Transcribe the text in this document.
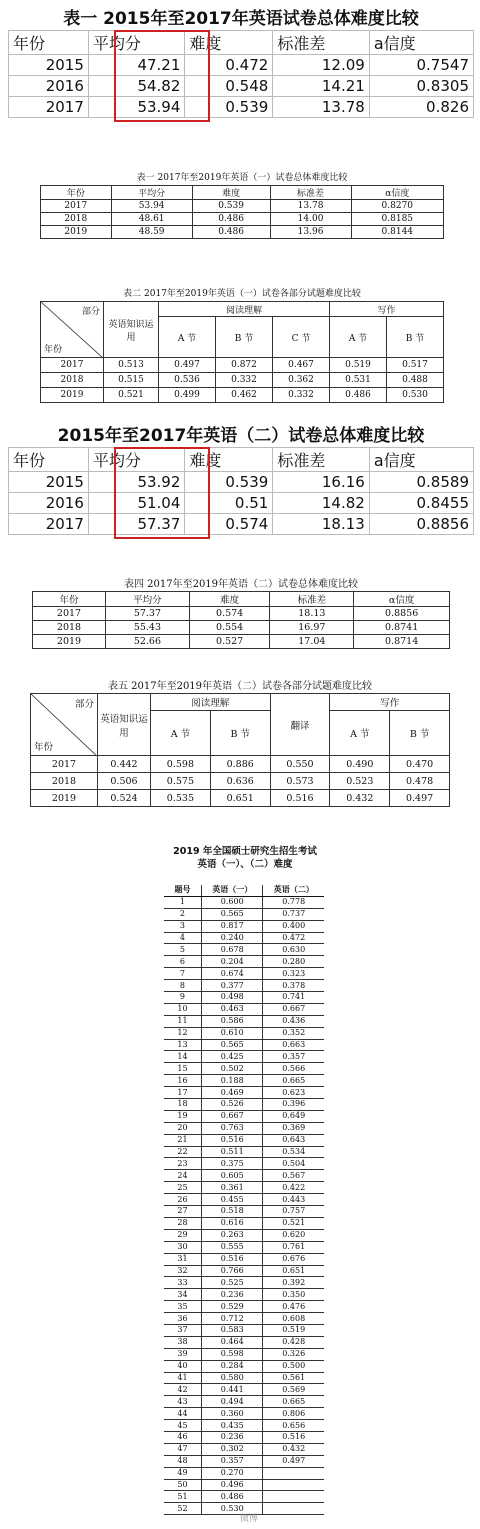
表一 2015年至2017年英语试卷总体难度比较
年份	平均分	难度	标准差	a信度
2015	47.21	0.472	12.09	0.7547
2016	54.82	0.548	14.21	0.8305
2017	53.94	0.539	13.78	0.826
表一 2017年至2019年英语（一）试卷总体难度比较
年份	平均分	难度	标准差	α信度
2017	53.94	0.539	13.78	0.8270
2018	48.61	0.486	14.00	0.8185
2019	48.59	0.486	13.96	0.8144
表二 2017年至2019年英语（一）试卷各部分试题难度比较
部分
年份	英语知识运用	阅读理解			写作	
		A 节	B 节	C 节	A 节	B 节
2017	0.513	0.497	0.872	0.467	0.519	0.517
2018	0.515	0.536	0.332	0.362	0.531	0.488
2019	0.521	0.499	0.462	0.332	0.486	0.530
2015年至2017年英语（二）试卷总体难度比较
年份	平均分	难度	标准差	a信度
2015	53.92	0.539	16.16	0.8589
2016	51.04	0.51	14.82	0.8455
2017	57.37	0.574	18.13	0.8856
表四 2017年至2019年英语（二）试卷总体难度比较
年份	平均分	难度	标准差	α信度
2017	57.37	0.574	18.13	0.8856
2018	55.43	0.554	16.97	0.8741
2019	52.66	0.527	17.04	0.8714
表五 2017年至2019年英语（二）试卷各部分试题难度比较
部分
年份	英语知识运用	阅读理解		翻译	写作	
		A 节	B 节		A 节	B 节
2017	0.442	0.598	0.886	0.550	0.490	0.470
2018	0.506	0.575	0.636	0.573	0.523	0.478
2019	0.524	0.535	0.651	0.516	0.432	0.497
2019 年全国硕士研究生招生考试
英语（一）、（二）难度
题号	英语（一）	英语（二）
1	0.600	0.778
2	0.565	0.737
3	0.817	0.400
4	0.240	0.472
5	0.678	0.630
6	0.204	0.280
7	0.674	0.323
8	0.377	0.378
9	0.498	0.741
10	0.463	0.667
11	0.586	0.436
12	0.610	0.352
13	0.565	0.663
14	0.425	0.357
15	0.502	0.566
16	0.188	0.665
17	0.469	0.623
18	0.526	0.396
19	0.667	0.649
20	0.763	0.369
21	0.516	0.643
22	0.511	0.534
23	0.375	0.504
24	0.605	0.567
25	0.361	0.422
26	0.455	0.443
27	0.518	0.757
28	0.616	0.521
29	0.263	0.620
30	0.555	0.761
31	0.516	0.676
32	0.766	0.651
33	0.525	0.392
34	0.236	0.350
35	0.529	0.476
36	0.712	0.608
37	0.583	0.519
38	0.464	0.428
39	0.598	0.326
40	0.284	0.500
41	0.580	0.561
42	0.441	0.569
43	0.494	0.665
44	0.360	0.806
45	0.435	0.656
46	0.236	0.516
47	0.302	0.432
48	0.357	0.497
49	0.270	
50	0.496	
51	0.486	
52	0.530	
微博
